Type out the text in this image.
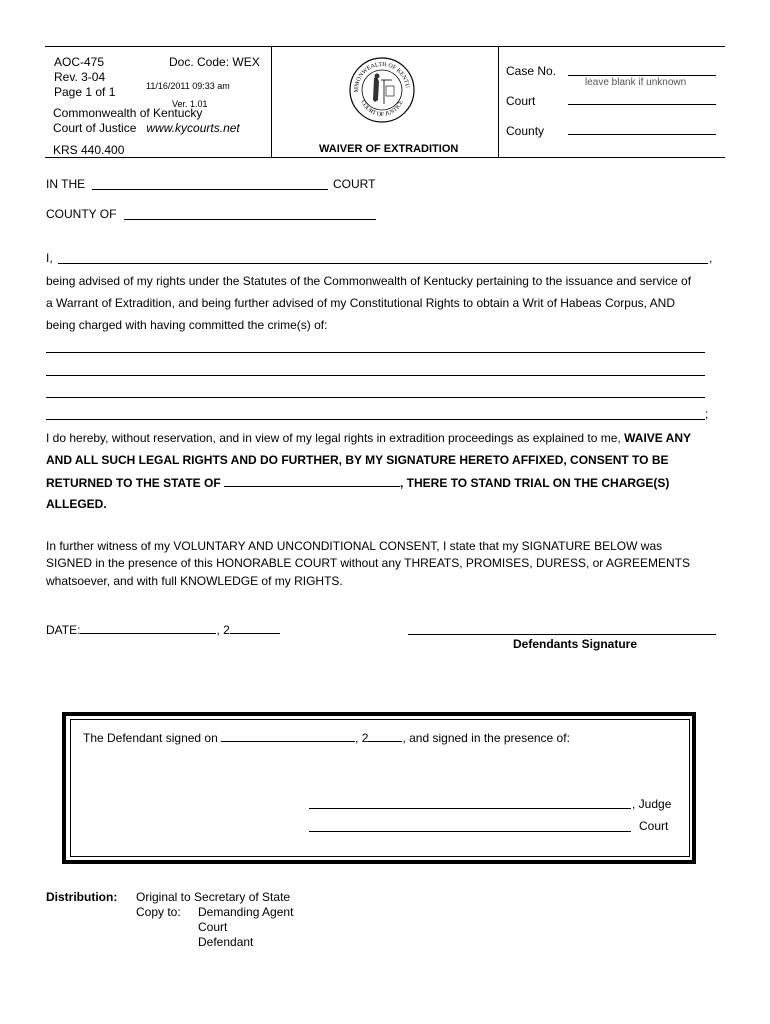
AOC-475	Doc. Code: WEX
Rev. 3-04
11/16/2011 09:33 am
Page 1 of 1
Ver. 1.01
Commonwealth of Kentucky
Court of Justice www.kycourts.net
KRS 440.400
MMONWEALTH OF KENTU
COURT OF JUSTICE
WAIVER OF EXTRADITION
Case No.
leave blank if unknown
Court
County
IN THE	COURT
COUNTY OF
I,	,
being advised of my rights under the Statutes of the Commonwealth of Kentucky pertaining to the issuance and service of
a Warrant of Extradition, and being further advised of my Constitutional Rights to obtain a Writ of Habeas Corpus, AND
being charged with having committed the crime(s) of:
;
I do hereby, without reservation, and in view of my legal rights in extradition proceedings as explained to me, WAIVE ANY
AND ALL SUCH LEGAL RIGHTS AND DO FURTHER, BY MY SIGNATURE HERETO AFFIXED, CONSENT TO BE
RETURNED TO THE STATE OF	, THERE TO STAND TRIAL ON THE CHARGE(S)
ALLEGED.
In further witness of my VOLUNTARY AND UNCONDITIONAL CONSENT, I state that my SIGNATURE BELOW was
SIGNED in the presence of this HONORABLE COURT without any THREATS, PROMISES, DURESS, or AGREEMENTS
whatsoever, and with full KNOWLEDGE of my RIGHTS.
DATE:	, 2
Defendants Signature
The Defendant signed on	, 2	, and signed in the presence of:
, Judge
Court
Distribution: Original to Secretary of State
Copy to: Demanding Agent
Court
Defendant
